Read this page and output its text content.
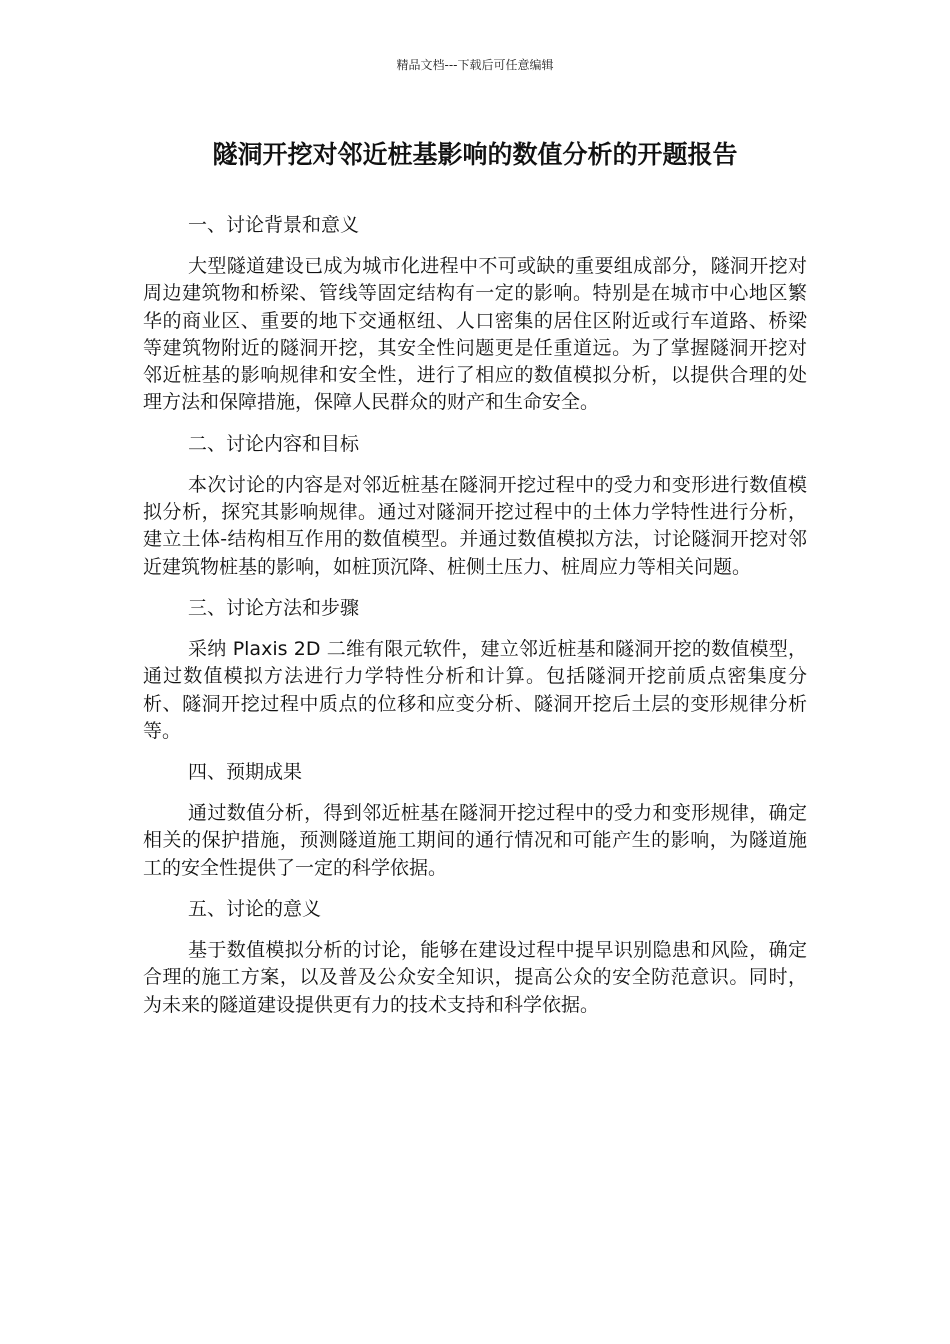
精品文档---下载后可任意编辑
隧洞开挖对邻近桩基影响的数值分析的开题报告
一、讨论背景和意义
大型隧道建设已成为城市化进程中不可或缺的重要组成部分，隧洞开挖对周边建筑物和桥梁、管线等固定结构有一定的影响。特别是在城市中心地区繁华的商业区、重要的地下交通枢纽、人口密集的居住区附近或行车道路、桥梁等建筑物附近的隧洞开挖，其安全性问题更是任重道远。为了掌握隧洞开挖对邻近桩基的影响规律和安全性，进行了相应的数值模拟分析，以提供合理的处理方法和保障措施，保障人民群众的财产和生命安全。
二、讨论内容和目标
本次讨论的内容是对邻近桩基在隧洞开挖过程中的受力和变形进行数值模拟分析，探究其影响规律。通过对隧洞开挖过程中的土体力学特性进行分析，建立土体-结构相互作用的数值模型。并通过数值模拟方法，讨论隧洞开挖对邻近建筑物桩基的影响，如桩顶沉降、桩侧土压力、桩周应力等相关问题。
三、讨论方法和步骤
采纳 Plaxis 2D 二维有限元软件，建立邻近桩基和隧洞开挖的数值模型，通过数值模拟方法进行力学特性分析和计算。包括隧洞开挖前质点密集度分析、隧洞开挖过程中质点的位移和应变分析、隧洞开挖后土层的变形规律分析等。
四、预期成果
通过数值分析，得到邻近桩基在隧洞开挖过程中的受力和变形规律，确定相关的保护措施，预测隧道施工期间的通行情况和可能产生的影响，为隧道施工的安全性提供了一定的科学依据。
五、讨论的意义
基于数值模拟分析的讨论，能够在建设过程中提早识别隐患和风险，确定合理的施工方案，以及普及公众安全知识，提高公众的安全防范意识。同时，为未来的隧道建设提供更有力的技术支持和科学依据。
